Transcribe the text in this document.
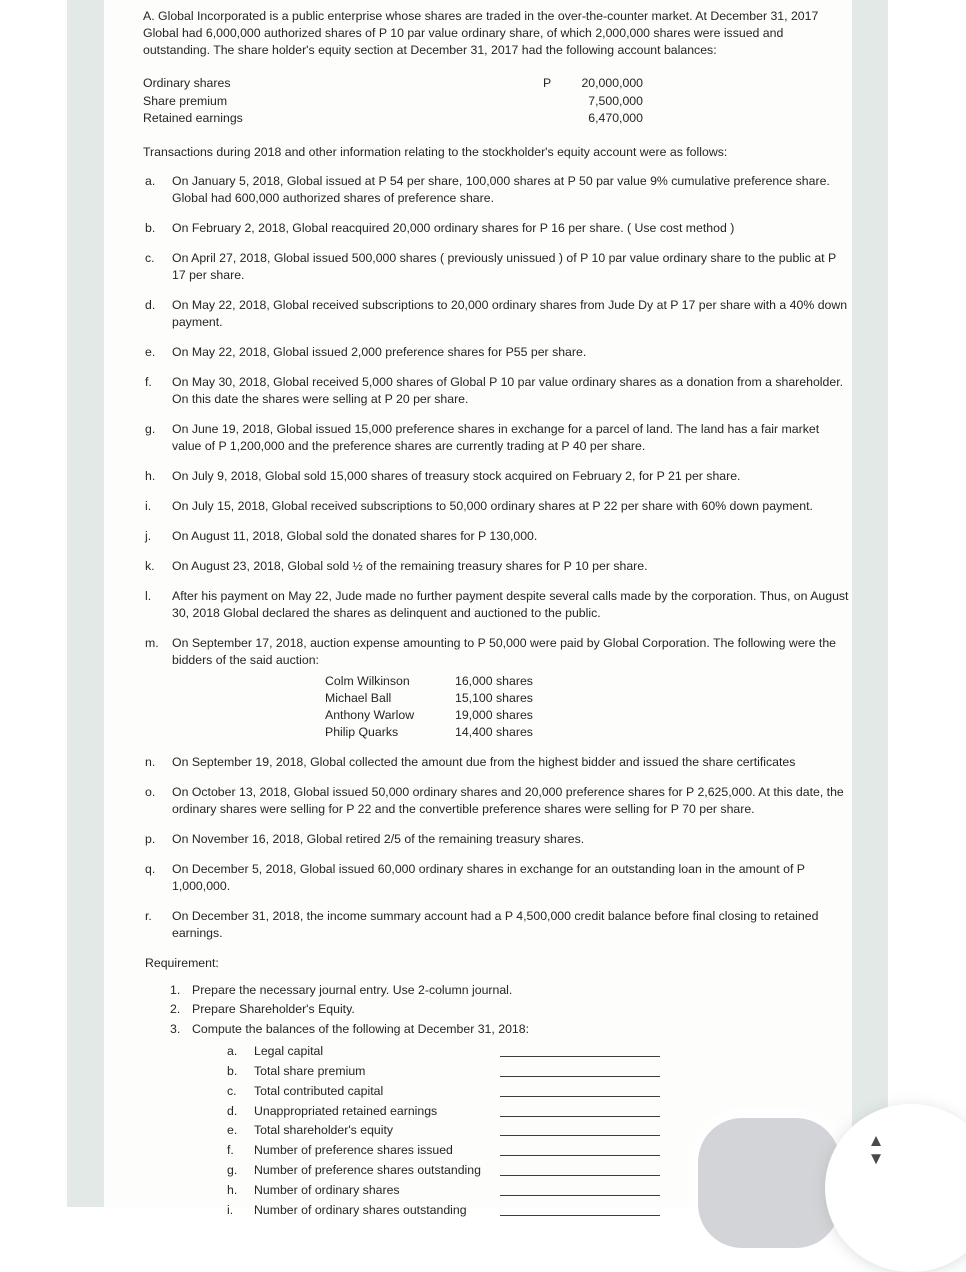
A. Global Incorporated is a public enterprise whose shares are traded in the over-the-counter market. At December 31, 2017 Global had 6,000,000 authorized shares of P 10 par value ordinary share, of which 2,000,000 shares were issued and outstanding. The share holder's equity section at December 31, 2017 had the following account balances:
Ordinary shares	P	20,000,000
Share premium	7,500,000
Retained earnings	6,470,000
Transactions during 2018 and other information relating to the stockholder's equity account were as follows:
a. On January 5, 2018, Global issued at P 54 per share, 100,000 shares at P 50 par value 9% cumulative preference share. Global had 600,000 authorized shares of preference share.
b. On February 2, 2018, Global reacquired 20,000 ordinary shares for P 16 per share. ( Use cost method )
c. On April 27, 2018, Global issued 500,000 shares ( previously unissued ) of P 10 par value ordinary share to the public at P 17 per share.
d. On May 22, 2018, Global received subscriptions to 20,000 ordinary shares from Jude Dy at P 17 per share with a 40% down payment.
e. On May 22, 2018, Global issued 2,000 preference shares for P55 per share.
f. On May 30, 2018, Global received 5,000 shares of Global P 10 par value ordinary shares as a donation from a shareholder. On this date the shares were selling at P 20 per share.
g. On June 19, 2018, Global issued 15,000 preference shares in exchange for a parcel of land. The land has a fair market value of P 1,200,000 and the preference shares are currently trading at P 40 per share.
h. On July 9, 2018, Global sold 15,000 shares of treasury stock acquired on February 2, for P 21 per share.
i. On July 15, 2018, Global received subscriptions to 50,000 ordinary shares at P 22 per share with 60% down payment.
j. On August 11, 2018, Global sold the donated shares for P 130,000.
k. On August 23, 2018, Global sold ½ of the remaining treasury shares for P 10 per share.
l. After his payment on May 22, Jude made no further payment despite several calls made by the corporation. Thus, on August 30, 2018 Global declared the shares as delinquent and auctioned to the public.
m. On September 17, 2018, auction expense amounting to P 50,000 were paid by Global Corporation. The following were the bidders of the said auction:
Colm Wilkinson	16,000 shares
Michael Ball	15,100 shares
Anthony Warlow	19,000 shares
Philip Quarks	14,400 shares
n. On September 19, 2018, Global collected the amount due from the highest bidder and issued the share certificates
o. On October 13, 2018, Global issued 50,000 ordinary shares and 20,000 preference shares for P 2,625,000. At this date, the ordinary shares were selling for P 22 and the convertible preference shares were selling for P 70 per share.
p. On November 16, 2018, Global retired 2/5 of the remaining treasury shares.
q. On December 5, 2018, Global issued 60,000 ordinary shares in exchange for an outstanding loan in the amount of P 1,000,000.
r. On December 31, 2018, the income summary account had a P 4,500,000 credit balance before final closing to retained earnings.
Requirement:
1. Prepare the necessary journal entry. Use 2-column journal.
2. Prepare Shareholder's Equity.
3. Compute the balances of the following at December 31, 2018:
a. Legal capital
b. Total share premium
c. Total contributed capital
d. Unappropriated retained earnings
e. Total shareholder's equity
f. Number of preference shares issued
g. Number of preference shares outstanding
h. Number of ordinary shares
i. Number of ordinary shares outstanding
▲
▼
